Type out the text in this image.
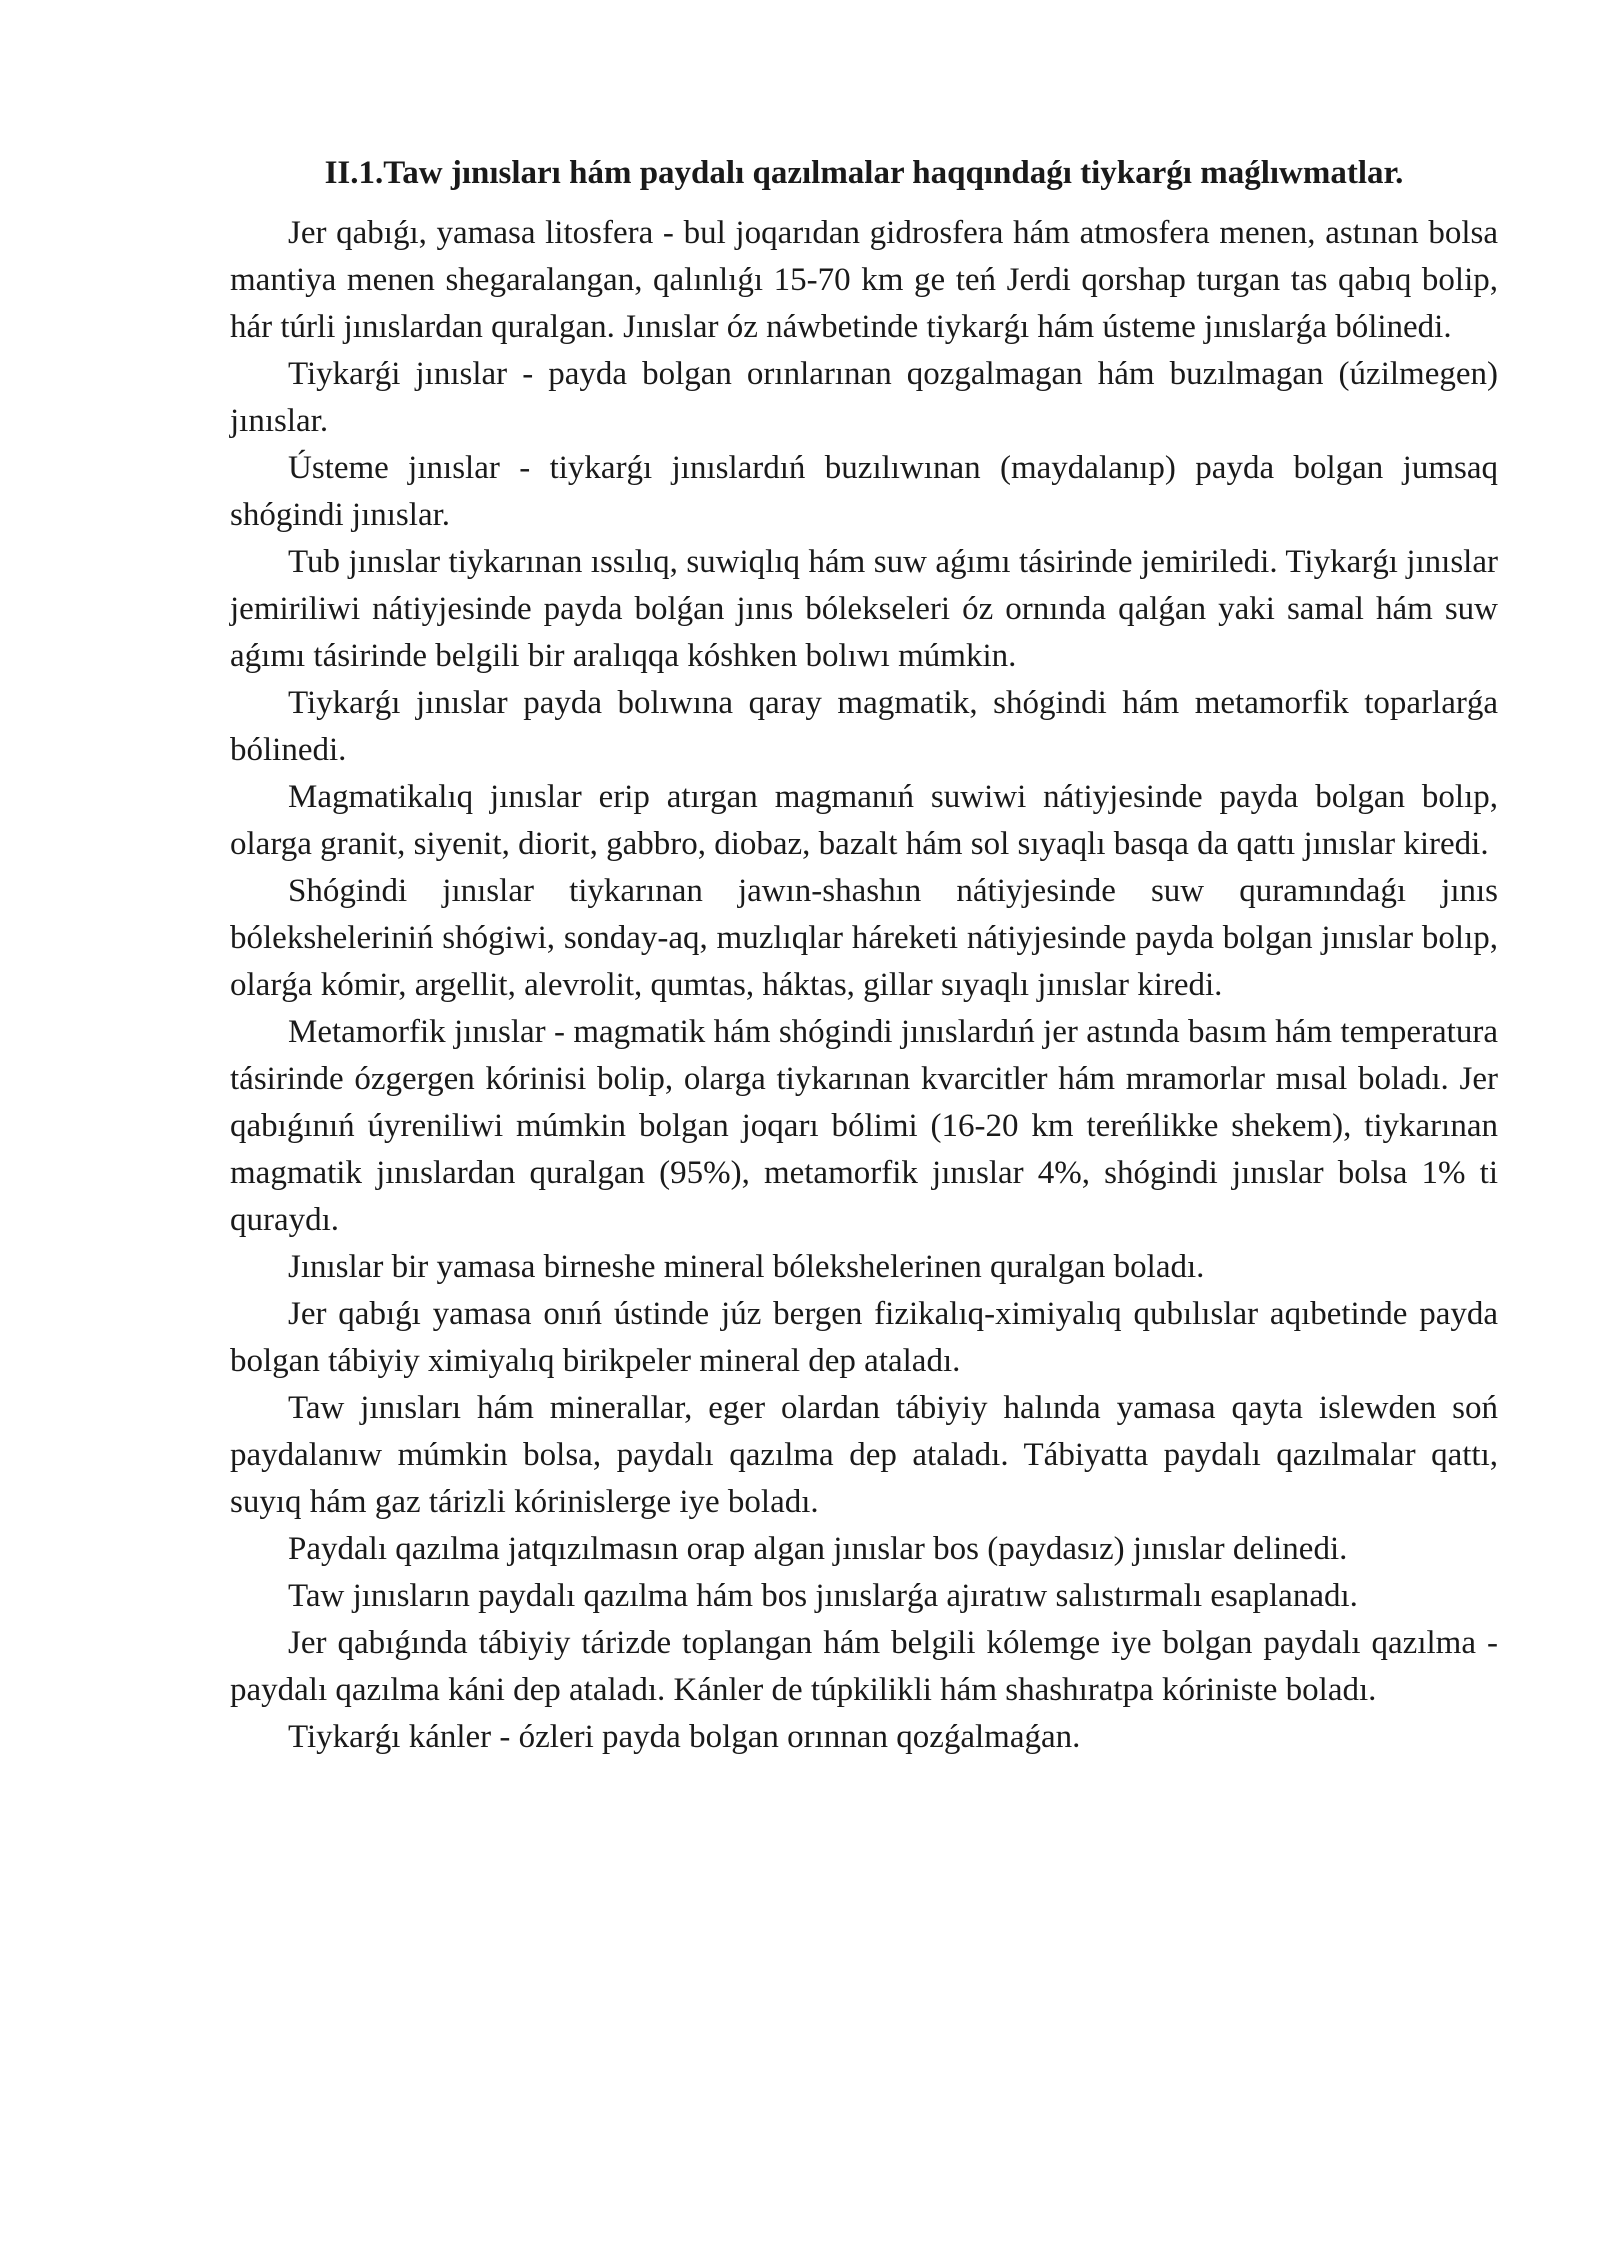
II.1.Taw jınısları hám paydalı qazılmalar haqqındaǵı tiykarǵı maǵlıwmatlar.

Jer qabıǵı, yamasa litosfera - bul joqarıdan gidrosfera hám atmosfera menen, astınan bolsa mantiya menen shegaralangan, qalınlıǵı 15-70 km ge teń Jerdi qorshap turgan tas qabıq bolip, hár túrli jınıslardan quralgan. Jınıslar óz náwbetinde tiykarǵı hám ústeme jınıslarǵa bólinedi.

Tiykarǵi jınıslar - payda bolgan orınlarınan qozgalmagan hám buzılmagan (úzilmegen) jınıslar.

Ústeme jınıslar - tiykarǵı jınıslardıń buzılıwınan (maydalanıp) payda bolgan jumsaq shógindi jınıslar.

Tub jınıslar tiykarınan ıssılıq, suwiqlıq hám suw aǵımı tásirinde jemiriledi. Tiykarǵı jınıslar jemiriliwi nátiyjesinde payda bolǵan jınıs bólekseleri óz ornında qalǵan yaki samal hám suw aǵımı tásirinde belgili bir aralıqqa kóshken bolıwı múmkin.

Tiykarǵı jınıslar payda bolıwına qaray magmatik, shógindi hám metamorfik toparlarǵa bólinedi.

Magmatikalıq jınıslar erip atırgan magmanıń suwiwi nátiyjesinde payda bolgan bolıp, olarga granit, siyenit, diorit, gabbro, diobaz, bazalt hám sol sıyaqlı basqa da qattı jınıslar kiredi.

Shógindi jınıslar tiykarınan jawın-shashın nátiyjesinde suw quramındaǵı jınıs bóleksheleriniń shógiwi, sonday-aq, muzlıqlar háreketi nátiyjesinde payda bolgan jınıslar bolıp, olarǵa kómir, argellit, alevrolit, qumtas, háktas, gillar sıyaqlı jınıslar kiredi.

Metamorfik jınıslar - magmatik hám shógindi jınıslardıń jer astında basım hám temperatura tásirinde ózgergen kórinisi bolip, olarga tiykarınan kvarcitler hám mramorlar mısal boladı. Jer qabıǵınıń úyreniliwi múmkin bolgan joqarı bólimi (16-20 km tereńlikke shekem), tiykarınan magmatik jınıslardan quralgan (95%), metamorfik jınıslar 4%, shógindi jınıslar bolsa 1% ti quraydı.

Jınıslar bir yamasa birneshe mineral bólekshelerinen quralgan boladı.

Jer qabıǵı yamasa onıń ústinde júz bergen fizikalıq-ximiyalıq qubılıslar aqıbetinde payda bolgan tábiyiy ximiyalıq birikpeler mineral dep ataladı.

Taw jınısları hám minerallar, eger olardan tábiyiy halında yamasa qayta islewden soń paydalanıw múmkin bolsa, paydalı qazılma dep ataladı. Tábiyatta paydalı qazılmalar qattı, suyıq hám gaz tárizli kórinislerge iye boladı.

Paydalı qazılma jatqızılmasın orap algan jınıslar bos (paydasız) jınıslar delinedi.

Taw jınısların paydalı qazılma hám bos jınıslarǵa ajıratıw salıstırmalı esaplanadı.

Jer qabıǵında tábiyiy tárizde toplangan hám belgili kólemge iye bolgan paydalı qazılma - paydalı qazılma káni dep ataladı. Kánler de túpkilikli hám shashıratpa kóriniste boladı.

Tiykarǵı kánler - ózleri payda bolgan orınnan qozǵalmaǵan.
